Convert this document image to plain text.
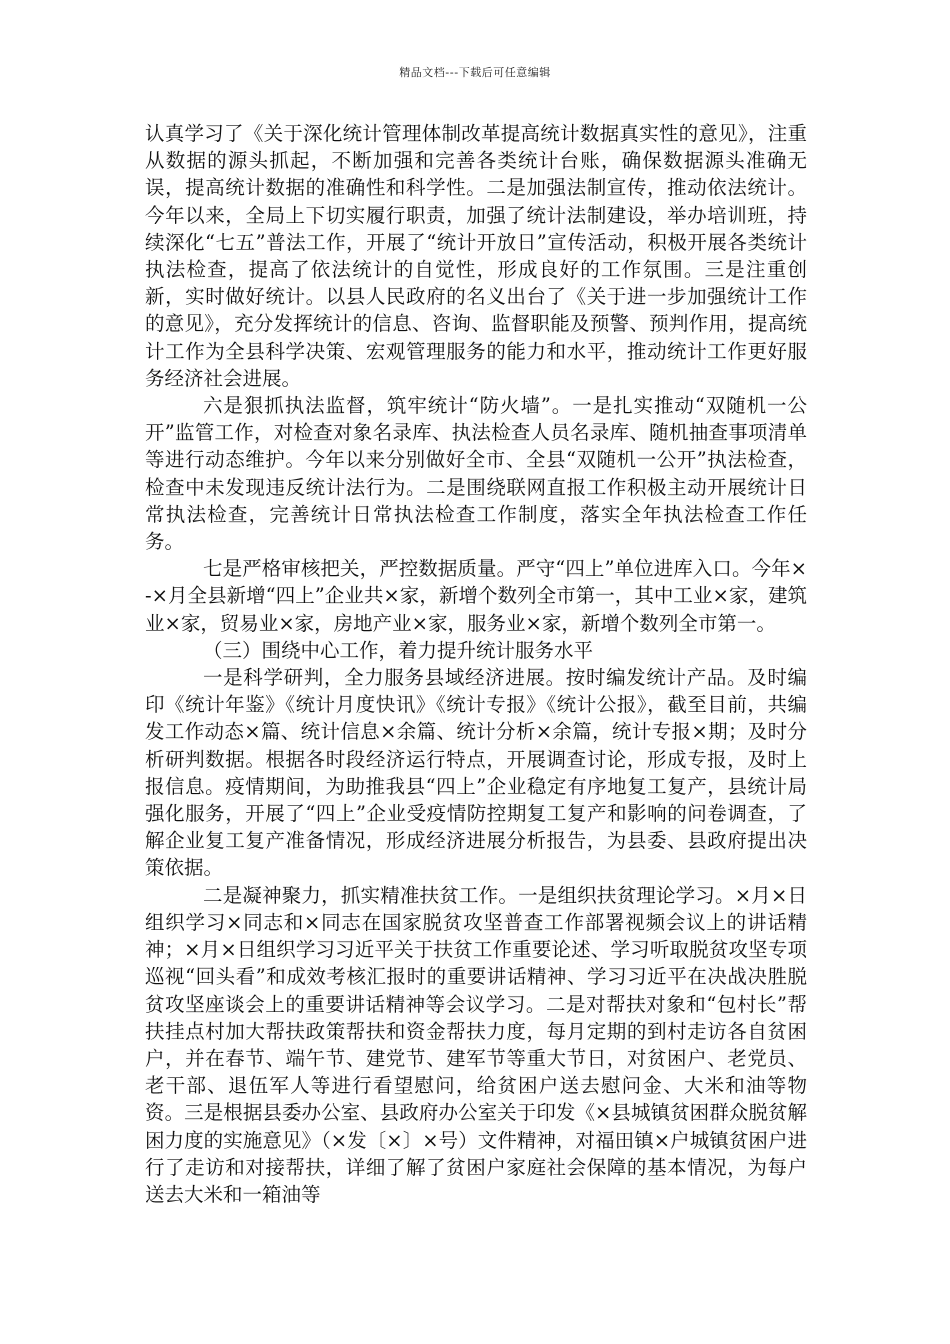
精品文档---下载后可任意编辑

认真学习了《关于深化统计管理体制改革提高统计数据真实性的意见》，注重从数据的源头抓起，不断加强和完善各类统计台账，确保数据源头准确无误，提高统计数据的准确性和科学性。二是加强法制宣传，推动依法统计。今年以来，全局上下切实履行职责，加强了统计法制建设，举办培训班，持续深化“七五”普法工作，开展了“统计开放日”宣传活动，积极开展各类统计执法检查，提高了依法统计的自觉性，形成良好的工作氛围。三是注重创新，实时做好统计。以县人民政府的名义出台了《关于进一步加强统计工作的意见》，充分发挥统计的信息、咨询、监督职能及预警、预判作用，提高统计工作为全县科学决策、宏观管理服务的能力和水平，推动统计工作更好服务经济社会进展。

六是狠抓执法监督，筑牢统计“防火墙”。一是扎实推动“双随机一公开”监管工作，对检查对象名录库、执法检查人员名录库、随机抽查事项清单等进行动态维护。今年以来分别做好全市、全县“双随机一公开”执法检查，检查中未发现违反统计法行为。二是围绕联网直报工作积极主动开展统计日常执法检查，完善统计日常执法检查工作制度，落实全年执法检查工作任务。

七是严格审核把关，严控数据质量。严守“四上”单位进库入口。今年×-×月全县新增“四上”企业共×家，新增个数列全市第一，其中工业×家，建筑业×家，贸易业×家，房地产业×家，服务业×家，新增个数列全市第一。

（三）围绕中心工作，着力提升统计服务水平

一是科学研判，全力服务县域经济进展。按时编发统计产品。及时编印《统计年鉴》《统计月度快讯》《统计专报》《统计公报》，截至目前，共编发工作动态×篇、统计信息×余篇、统计分析×余篇，统计专报×期；及时分析研判数据。根据各时段经济运行特点，开展调查讨论，形成专报，及时上报信息。疫情期间，为助推我县“四上”企业稳定有序地复工复产，县统计局强化服务，开展了“四上”企业受疫情防控期复工复产和影响的问卷调查，了解企业复工复产准备情况，形成经济进展分析报告，为县委、县政府提出决策依据。

二是凝神聚力，抓实精准扶贫工作。一是组织扶贫理论学习。×月×日组织学习×同志和×同志在国家脱贫攻坚普查工作部署视频会议上的讲话精神；×月×日组织学习习近平关于扶贫工作重要论述、学习听取脱贫攻坚专项巡视“回头看”和成效考核汇报时的重要讲话精神、学习习近平在决战决胜脱贫攻坚座谈会上的重要讲话精神等会议学习。二是对帮扶对象和“包村长”帮扶挂点村加大帮扶政策帮扶和资金帮扶力度，每月定期的到村走访各自贫困户，并在春节、端午节、建党节、建军节等重大节日，对贫困户、老党员、老干部、退伍军人等进行看望慰问，给贫困户送去慰问金、大米和油等物资。三是根据县委办公室、县政府办公室关于印发《×县城镇贫困群众脱贫解困力度的实施意见》（×发〔×〕×号）文件精神，对福田镇×户城镇贫困户进行了走访和对接帮扶，详细了解了贫困户家庭社会保障的基本情况，为每户送去大米和一箱油等
